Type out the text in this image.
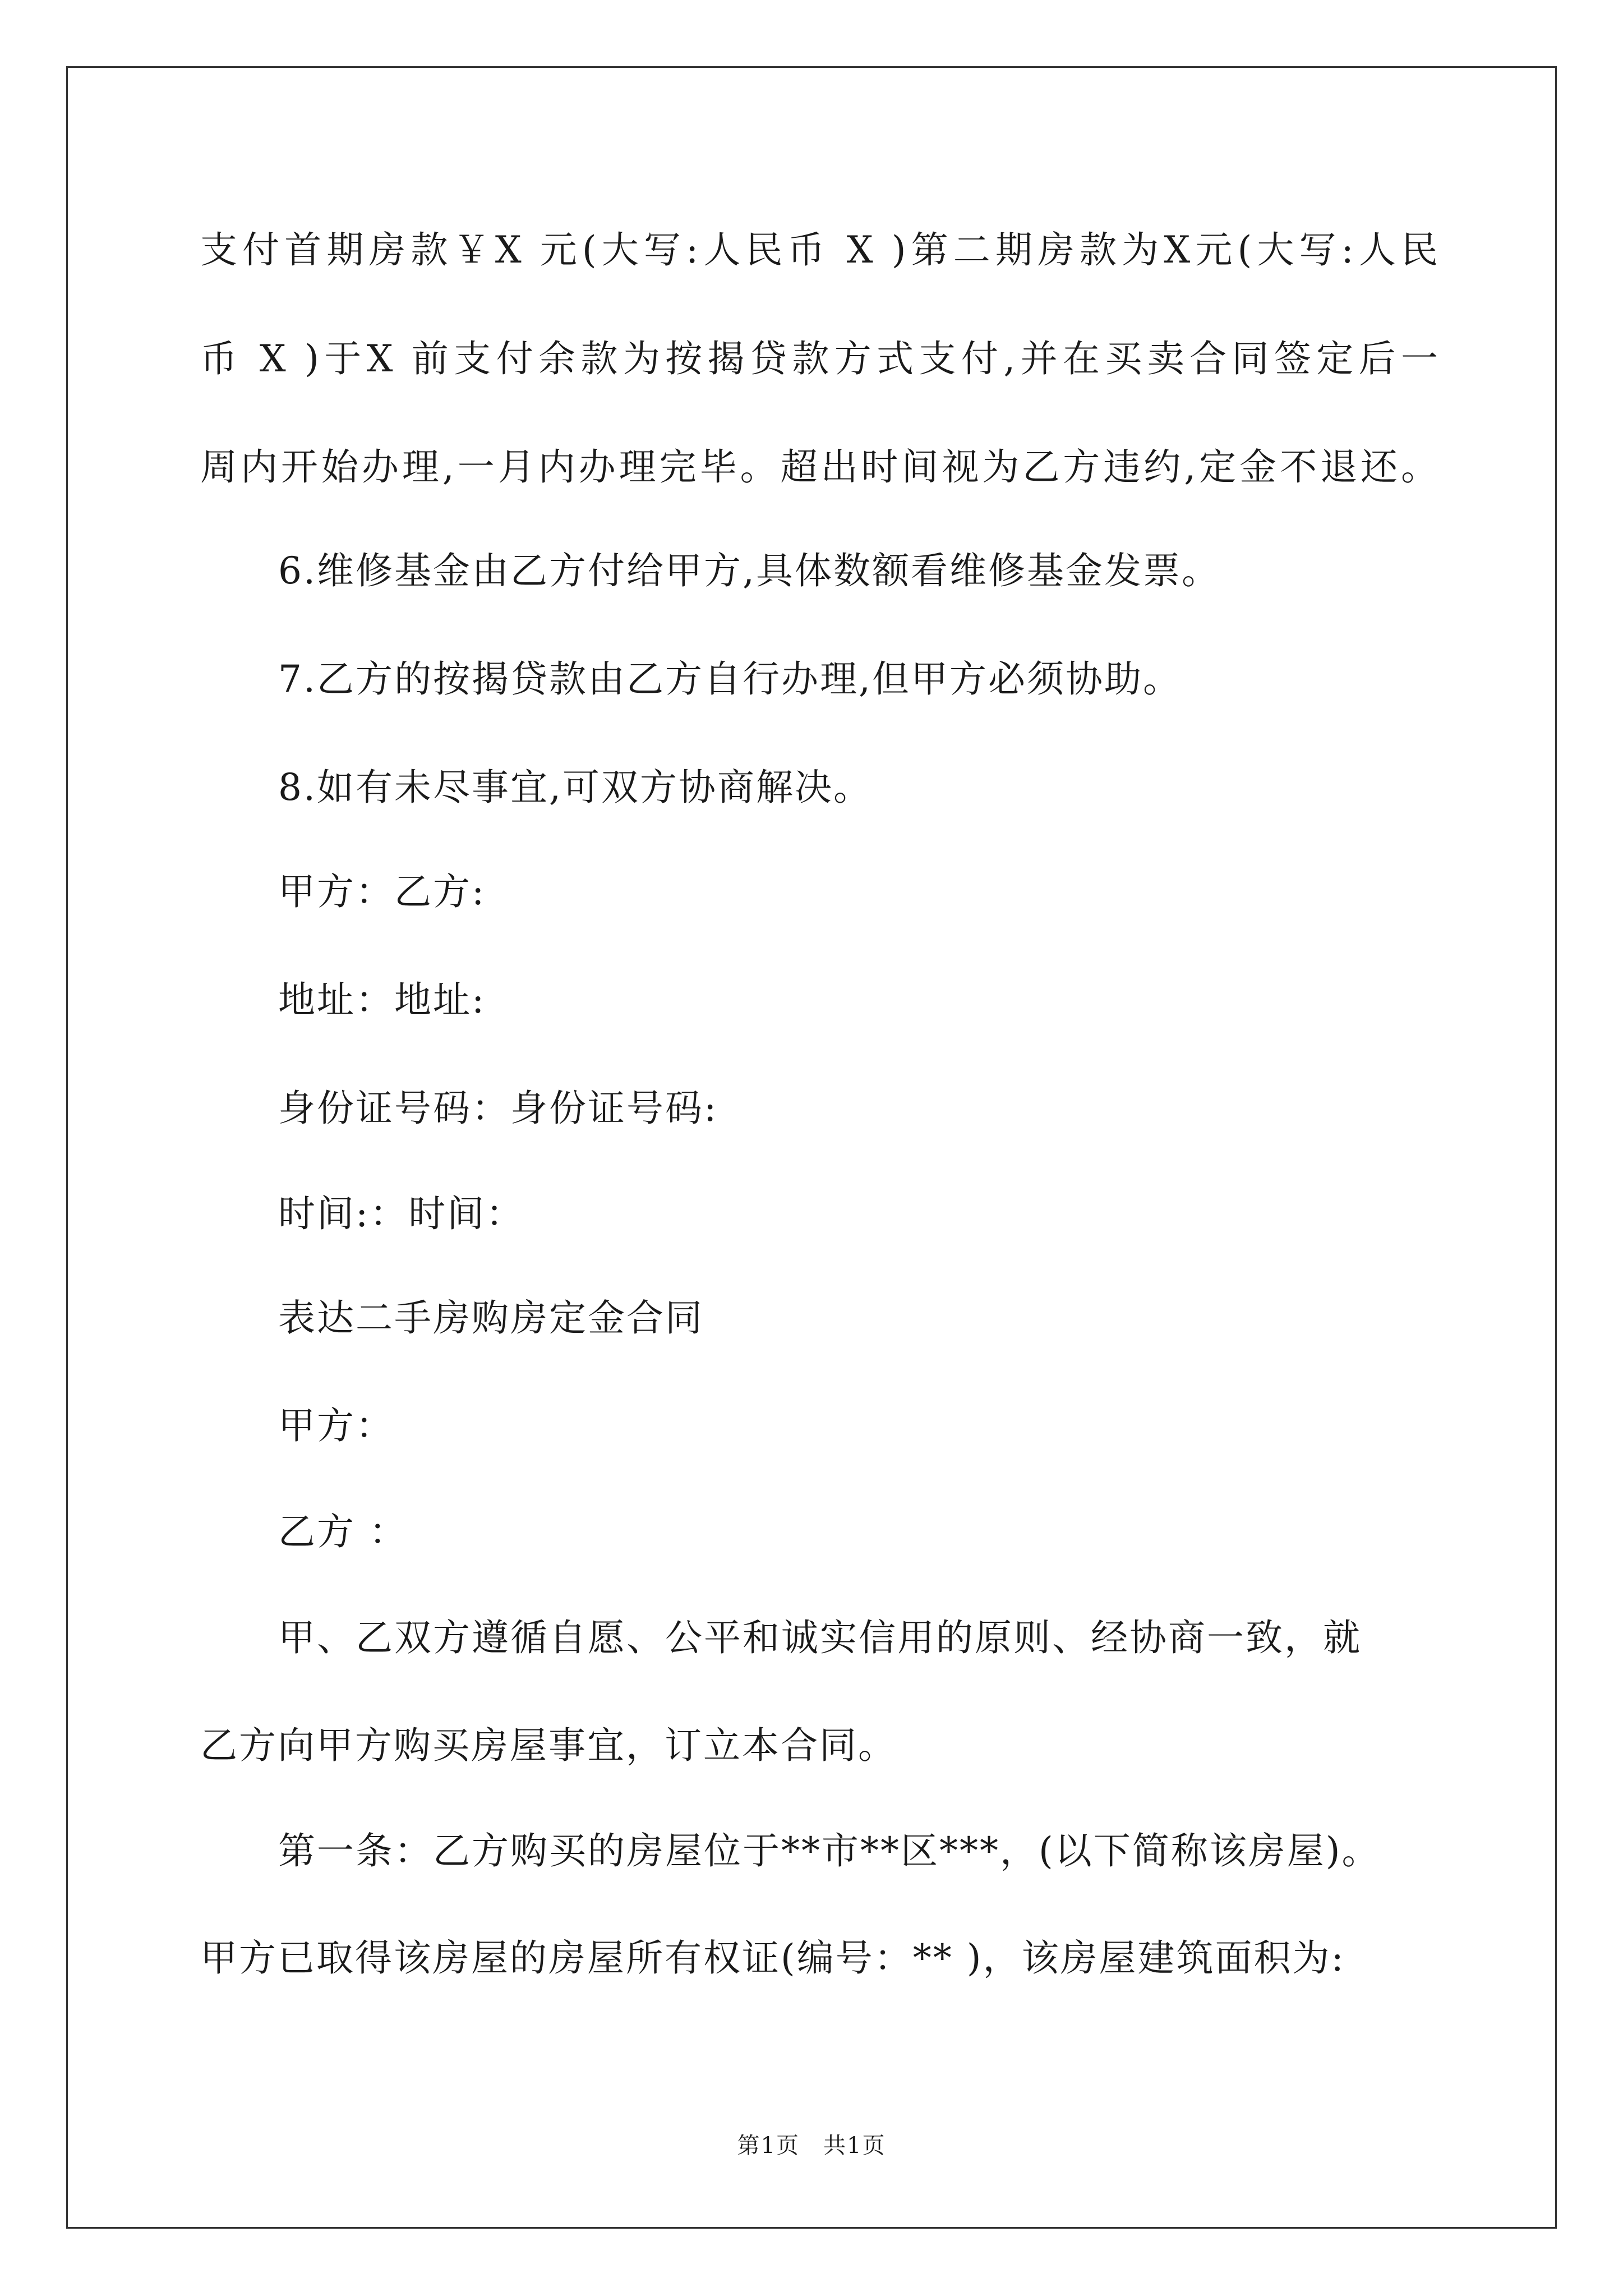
支付首期房款￥X 元(大写:人民币 X )第二期房款为X元(大写:人民
币 X )于X 前支付余款为按揭贷款方式支付,并在买卖合同签定后一
周内开始办理,一月内办理完毕。超出时间视为乙方违约,定金不退还。
6.维修基金由乙方付给甲方,具体数额看维修基金发票。
7.乙方的按揭贷款由乙方自行办理,但甲方必须协助。
8.如有未尽事宜,可双方协商解决。
甲方：乙方:
地址：地址:
身份证号码：身份证号码:
时间:：时间：
表达二手房购房定金合同
甲方：
乙方 ：
甲、乙双方遵循自愿、公平和诚实信用的原则、经协商一致，就
乙方向甲方购买房屋事宜，订立本合同。
第一条：乙方购买的房屋位于**市**区***，(以下简称该房屋)。
甲方已取得该房屋的房屋所有权证(编号：** )，该房屋建筑面积为:
第1页　共1页
